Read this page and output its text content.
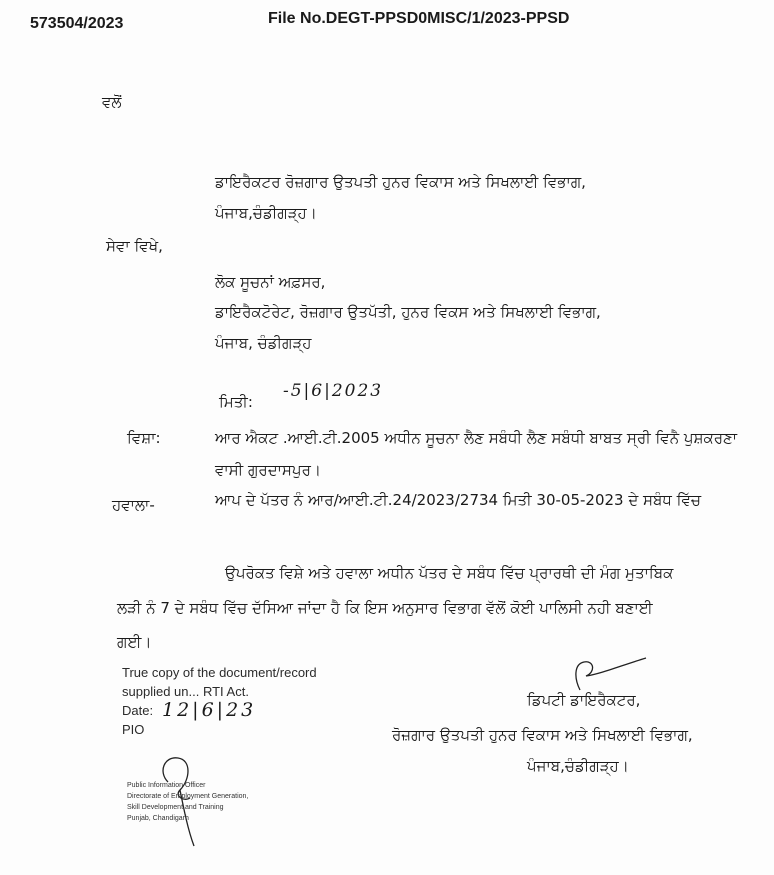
573504/2023	File No.DEGT-PPSD0MISC/1/2023-PPSD
ਵਲੋਂ
ਡਾਇਰੈਕਟਰ ਰੋਜ਼ਗਾਰ ਉਤਪਤੀ ਹੁਨਰ ਵਿਕਾਸ ਅਤੇ ਸਿਖਲਾਈ ਵਿਭਾਗ,
ਪੰਜਾਬ,ਚੰਡੀਗੜ੍ਹ।
ਸੇਵਾ ਵਿਖੇ,
ਲੋਕ ਸੂਚਨਾਂ ਅਫ਼ਸਰ,
ਡਾਇਰੈਕਟੋਰੇਟ, ਰੋਜ਼ਗਾਰ ਉਤਪੱਤੀ, ਹੁਨਰ ਵਿਕਸ ਅਤੇ ਸਿਖਲਾਈ ਵਿਭਾਗ,
ਪੰਜਾਬ, ਚੰਡੀਗੜ੍ਹ
ਮਿਤੀ:
-5|6|2023
ਵਿਸ਼ਾ:	ਆਰ ਐਕਟ .ਆਈ.ਟੀ.2005 ਅਧੀਨ ਸੂਚਨਾ ਲੈਣ ਸਬੰਧੀ ਲੈਣ ਸਬੰਧੀ ਬਾਬਤ ਸ੍ਰੀ ਵਿਨੈ ਪੁਸ਼ਕਰਣਾ
ਵਾਸੀ ਗੁਰਦਾਸਪੁਰ।
ਹਵਾਲਾ-	ਆਪ ਦੇ ਪੱਤਰ ਨੰ ਆਰ/ਆਈ.ਟੀ.24/2023/2734 ਮਿਤੀ 30-05-2023 ਦੇ ਸਬੰਧ ਵਿੱਚ
ਉਪਰੋਕਤ ਵਿਸ਼ੇ ਅਤੇ ਹਵਾਲਾ ਅਧੀਨ ਪੱਤਰ ਦੇ ਸਬੰਧ ਵਿੱਚ ਪ੍ਰਾਰਥੀ ਦੀ ਮੰਗ ਮੁਤਾਬਿਕ
ਲੜੀ ਨੰ 7 ਦੇ ਸਬੰਧ ਵਿੱਚ ਦੱਸਿਆ ਜਾਂਦਾ ਹੈ ਕਿ ਇਸ ਅਨੁਸਾਰ ਵਿਭਾਗ ਵੱਲੋਂ ਕੋਈ ਪਾਲਿਸੀ ਨਹੀ ਬਣਾਈ
ਗਈ।
True copy of the document/record
supplied un... RTI Act.
Date: 12|6|23
PIO
Public Information Officer
Directorate of Employment Generation,
Skill Development and Training
Punjab, Chandigarh
ਡਿਪਟੀ ਡਾਇਰੈਕਟਰ,
ਰੋਜ਼ਗਾਰ ਉਤਪਤੀ ਹੁਨਰ ਵਿਕਾਸ ਅਤੇ ਸਿਖਲਾਈ ਵਿਭਾਗ,
ਪੰਜਾਬ,ਚੰਡੀਗੜ੍ਹ।
